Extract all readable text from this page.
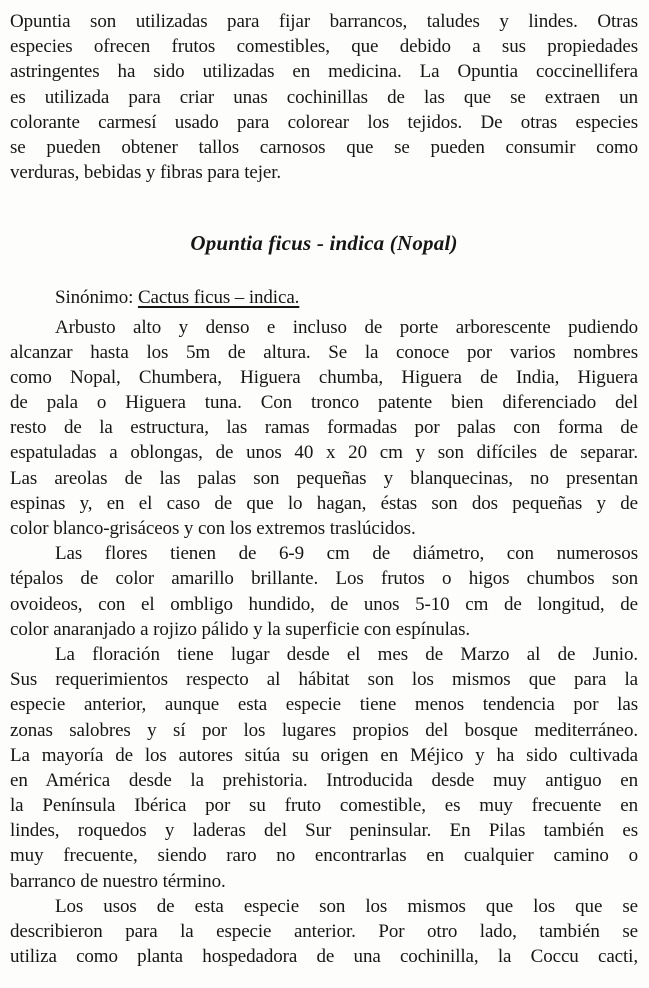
Opuntia son utilizadas para fijar barrancos, taludes y lindes. Otras
especies ofrecen frutos comestibles, que debido a sus propiedades
astringentes ha sido utilizadas en medicina. La Opuntia coccinellifera
es utilizada para criar unas cochinillas de las que se extraen un
colorante carmesí usado para colorear los tejidos. De otras especies
se pueden obtener tallos carnosos que se pueden consumir como
verduras, bebidas y fibras para tejer.
Opuntia ficus - indica (Nopal)
Sinónimo: Cactus ficus – indica.
Arbusto alto y denso e incluso de porte arborescente pudiendo
alcanzar hasta los 5m de altura. Se la conoce por varios nombres
como Nopal, Chumbera, Higuera chumba, Higuera de India, Higuera
de pala o Higuera tuna. Con tronco patente bien diferenciado del
resto de la estructura, las ramas formadas por palas con forma de
espatuladas a oblongas, de unos 40 x 20 cm y son difíciles de separar.
Las areolas de las palas son pequeñas y blanquecinas, no presentan
espinas y, en el caso de que lo hagan, éstas son dos pequeñas y de
color blanco-grisáceos y con los extremos traslúcidos.
Las flores tienen de 6-9 cm de diámetro, con numerosos
tépalos de color amarillo brillante. Los frutos o higos chumbos son
ovoideos, con el ombligo hundido, de unos 5-10 cm de longitud, de
color anaranjado a rojizo pálido y la superficie con espínulas.
La floración tiene lugar desde el mes de Marzo al de Junio.
Sus requerimientos respecto al hábitat son los mismos que para la
especie anterior, aunque esta especie tiene menos tendencia por las
zonas salobres y sí por los lugares propios del bosque mediterráneo.
La mayoría de los autores sitúa su origen en Méjico y ha sido cultivada
en América desde la prehistoria. Introducida desde muy antiguo en
la Península Ibérica por su fruto comestible, es muy frecuente en
lindes, roquedos y laderas del Sur peninsular. En Pilas también es
muy frecuente, siendo raro no encontrarlas en cualquier camino o
barranco de nuestro término.
Los usos de esta especie son los mismos que los que se
describieron para la especie anterior. Por otro lado, también se
utiliza como planta hospedadora de una cochinilla, la Coccu cacti,
